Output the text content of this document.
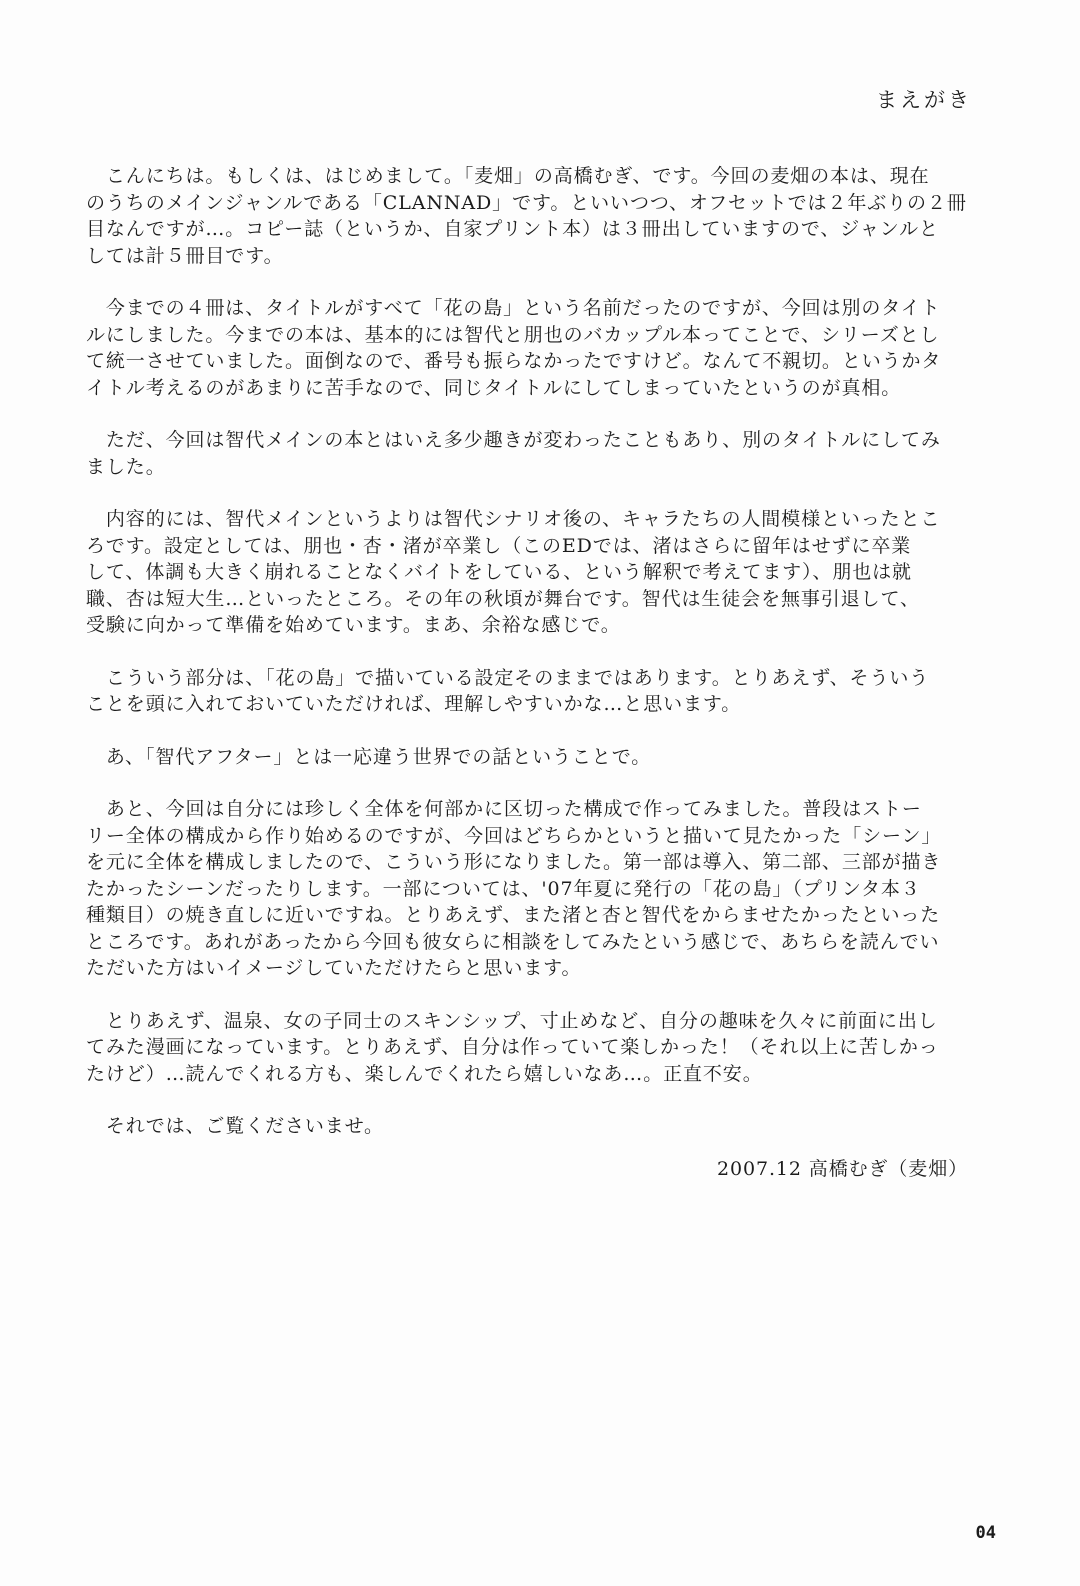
まえがき
　こんにちは。もしくは、はじめまして。「麦畑」の高橋むぎ、です。今回の麦畑の本は、現在
のうちのメインジャンルである「CLANNAD」です。といいつつ、オフセットでは２年ぶりの２冊
目なんですが…。コピー誌（というか、自家プリント本）は３冊出していますので、ジャンルと
しては計５冊目です。
　今までの４冊は、タイトルがすべて「花の島」という名前だったのですが、今回は別のタイト
ルにしました。今までの本は、基本的には智代と朋也のバカップル本ってことで、シリーズとし
て統一させていました。面倒なので、番号も振らなかったですけど。なんて不親切。というかタ
イトル考えるのがあまりに苦手なので、同じタイトルにしてしまっていたというのが真相。
　ただ、今回は智代メインの本とはいえ多少趣きが変わったこともあり、別のタイトルにしてみ
ました。
　内容的には、智代メインというよりは智代シナリオ後の、キャラたちの人間模様といったとこ
ろです。設定としては、朋也・杏・渚が卒業し（このEDでは、渚はさらに留年はせずに卒業
して、体調も大きく崩れることなくバイトをしている、という解釈で考えてます）、朋也は就
職、杏は短大生…といったところ。その年の秋頃が舞台です。智代は生徒会を無事引退して、
受験に向かって準備を始めています。まあ、余裕な感じで。
　こういう部分は、「花の島」で描いている設定そのままではあります。とりあえず、そういう
ことを頭に入れておいていただければ、理解しやすいかな…と思います。
　あ、「智代アフター」とは一応違う世界での話ということで。
　あと、今回は自分には珍しく全体を何部かに区切った構成で作ってみました。普段はストー
リー全体の構成から作り始めるのですが、今回はどちらかというと描いて見たかった「シーン」
を元に全体を構成しましたので、こういう形になりました。第一部は導入、第二部、三部が描き
たかったシーンだったりします。一部については、'07年夏に発行の「花の島」（プリンタ本３
種類目）の焼き直しに近いですね。とりあえず、また渚と杏と智代をからませたかったといった
ところです。あれがあったから今回も彼女らに相談をしてみたという感じで、あちらを読んでい
ただいた方はいイメージしていただけたらと思います。
　とりあえず、温泉、女の子同士のスキンシップ、寸止めなど、自分の趣味を久々に前面に出し
てみた漫画になっています。とりあえず、自分は作っていて楽しかった！（それ以上に苦しかっ
たけど）…読んでくれる方も、楽しんでくれたら嬉しいなあ…。正直不安。
　それでは、ご覧くださいませ。

2007.12 高橋むぎ（麦畑）

04
